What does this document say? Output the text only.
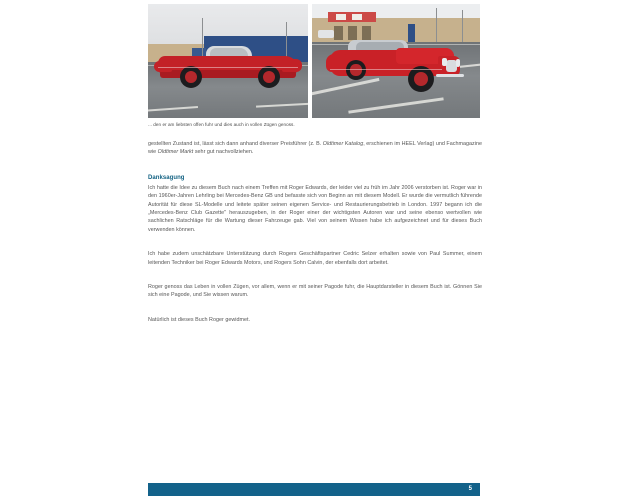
... den er am liebsten offen fuhr und dies auch in vollen Zügen genoss.

gestellten Zustand ist, lässt sich dann anhand diverser Preisführer (z. B. Oldtimer Katalog, erschienen im HEEL Verlag) und Fachmagazine wie Oldtimer Markt sehr gut nachvollziehen.

Danksagung

Ich hatte die Idee zu diesem Buch nach einem Treffen mit Roger Edwards, der leider viel zu früh im Jahr 2006 verstorben ist. Roger war in den 1960er-Jahren Lehrling bei Mercedes-Benz GB und befasste sich von Beginn an mit diesem Modell. Er wurde die vermutlich führende Autorität für diese SL-Modelle und leitete später seinen eigenen Service- und Restaurierungsbetrieb in London. 1997 begann ich die „Mercedes-Benz Club Gazette" herauszugeben, in der Roger einer der wichtigsten Autoren war und seine ebenso wertvollen wie sachlichen Ratschläge für die Wartung dieser Fahrzeuge gab. Viel von seinem Wissen habe ich aufgezeichnet und für dieses Buch verwenden können.

Ich habe zudem unschätzbare Unterstützung durch Rogers Geschäftspartner Cedric Selzer erhalten sowie von Paul Summer, einem leitenden Techniker bei Roger Edwards Motors, und Rogers Sohn Calvin, der ebenfalls dort arbeitet.

Roger genoss das Leben in vollen Zügen, vor allem, wenn er mit seiner Pagode fuhr, die Hauptdarsteller in diesem Buch ist. Gönnen Sie sich eine Pagode, und Sie wissen warum.

Natürlich ist dieses Buch Roger gewidmet.

5
